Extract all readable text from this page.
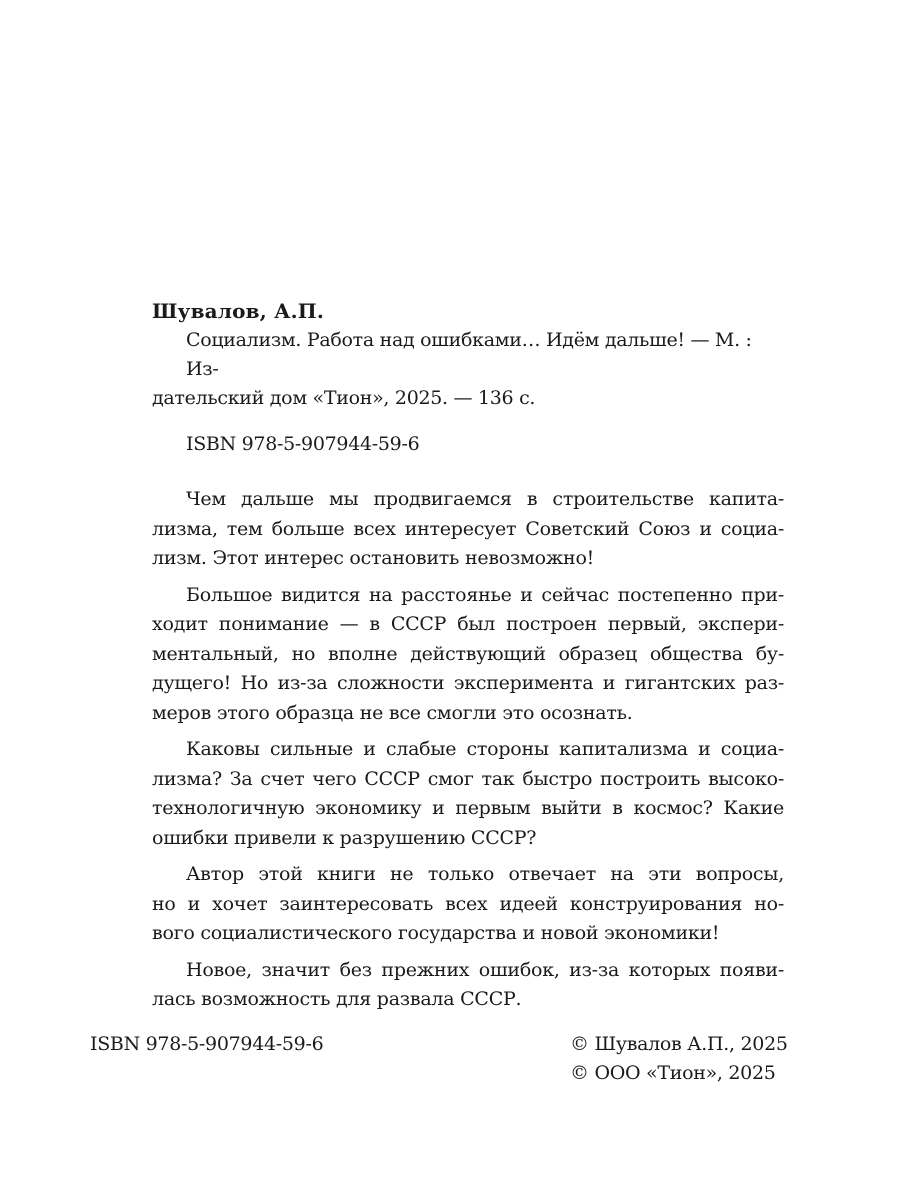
Шувалов, А.П.

Социализм. Работа над ошибками… Идём дальше! — М. : Из-

дательский дом «Тион», 2025. — 136 с.

ISBN 978-5-907944-59-6

Чем дальше мы продвигаемся в строительстве капита-
лизма, тем больше всех интересует Советский Союз и социа-
лизм. Этот интерес остановить невозможно!

Большое видится на расстоянье и сейчас постепенно при-
ходит понимание — в СССР был построен первый, экспери-
ментальный, но вполне действующий образец общества бу-
дущего! Но из-за сложности эксперимента и гигантских раз-
меров этого образца не все смогли это осознать.

Каковы сильные и слабые стороны капитализма и социа-
лизма? За счет чего СССР смог так быстро построить высоко-
технологичную экономику и первым выйти в космос? Какие
ошибки привели к разрушению СССР?

Автор этой книги не только отвечает на эти вопросы,
но и хочет заинтересовать всех идеей конструирования но-
вого социалистического государства и новой экономики!

Новое, значит без прежних ошибок, из-за которых появи-
лась возможность для развала СССР.

ISBN 978-5-907944-59-6	© Шувалов А.П., 2025
© ООО «Тион», 2025
